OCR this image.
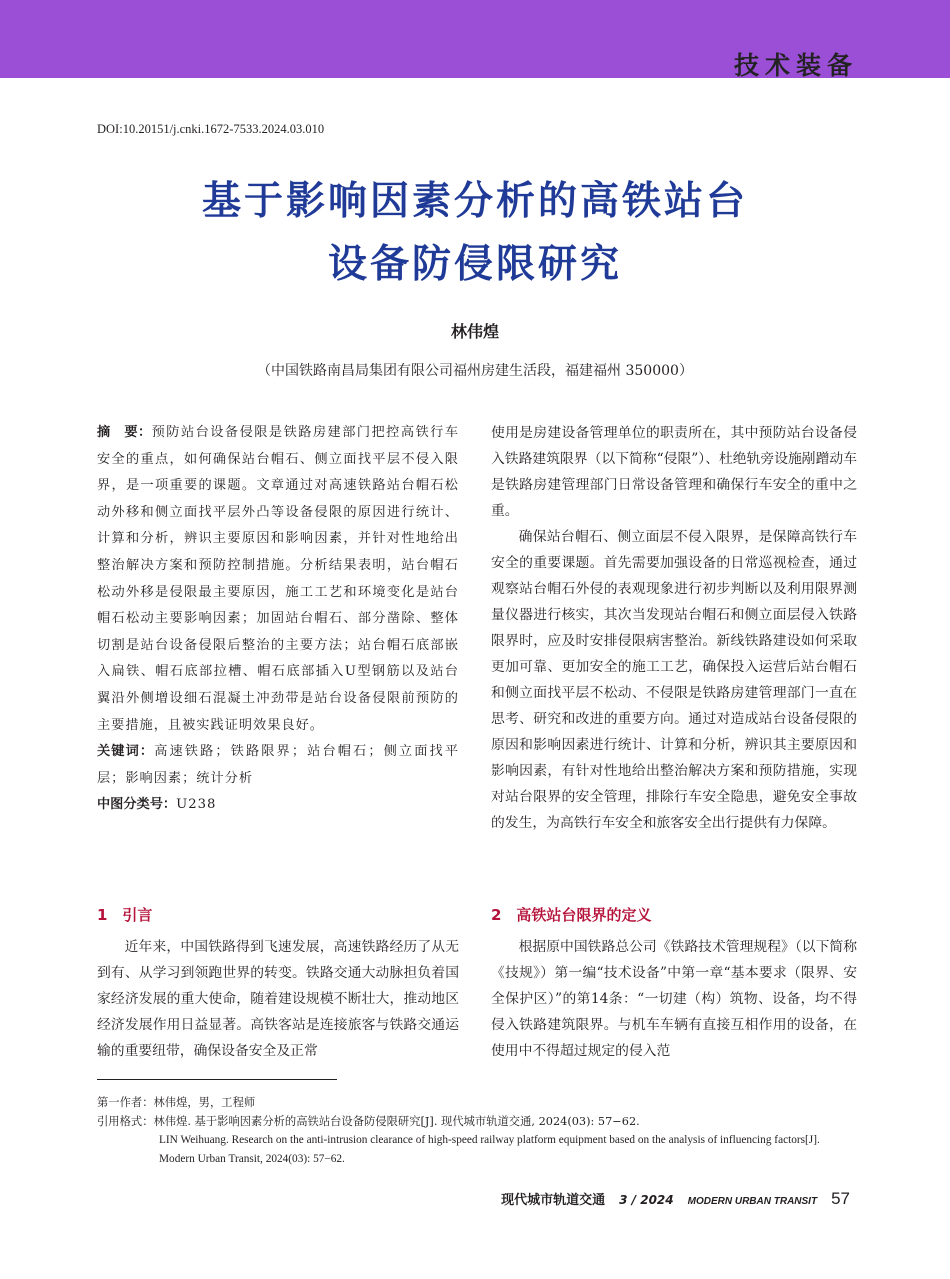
技术装备
DOI:10.20151/j.cnki.1672-7533.2024.03.010
基于影响因素分析的高铁站台
设备防侵限研究
林伟煌
（中国铁路南昌局集团有限公司福州房建生活段，福建福州 350000）

摘　要：预防站台设备侵限是铁路房建部门把控高铁行车安全的重点，如何确保站台帽石、侧立面找平层不侵入限界，是一项重要的课题。文章通过对高速铁路站台帽石松动外移和侧立面找平层外凸等设备侵限的原因进行统计、计算和分析，辨识主要原因和影响因素，并针对性地给出整治解决方案和预防控制措施。分析结果表明，站台帽石松动外移是侵限最主要原因，施工工艺和环境变化是站台帽石松动主要影响因素；加固站台帽石、部分凿除、整体切割是站台设备侵限后整治的主要方法；站台帽石底部嵌入扁铁、帽石底部拉槽、帽石底部插入U型钢筋以及站台翼沿外侧增设细石混凝土冲劲带是站台设备侵限前预防的主要措施，且被实践证明效果良好。

关键词：高速铁路；铁路限界；站台帽石；侧立面找平层；影响因素；统计分析

中图分类号：U238

使用是房建设备管理单位的职责所在，其中预防站台设备侵入铁路建筑限界（以下简称“侵限”）、杜绝轨旁设施剐蹭动车是铁路房建管理部门日常设备管理和确保行车安全的重中之重。

确保站台帽石、侧立面层不侵入限界，是保障高铁行车安全的重要课题。首先需要加强设备的日常巡视检查，通过观察站台帽石外侵的表观现象进行初步判断以及利用限界测量仪器进行核实，其次当发现站台帽石和侧立面层侵入铁路限界时，应及时安排侵限病害整治。新线铁路建设如何采取更加可靠、更加安全的施工工艺，确保投入运营后站台帽石和侧立面找平层不松动、不侵限是铁路房建管理部门一直在思考、研究和改进的重要方向。通过对造成站台设备侵限的原因和影响因素进行统计、计算和分析，辨识其主要原因和影响因素，有针对性地给出整治解决方案和预防措施，实现对站台限界的安全管理，排除行车安全隐患，避免安全事故的发生，为高铁行车安全和旅客安全出行提供有力保障。

1　引言

近年来，中国铁路得到飞速发展，高速铁路经历了从无到有、从学习到领跑世界的转变。铁路交通大动脉担负着国家经济发展的重大使命，随着建设规模不断壮大，推动地区经济发展作用日益显著。高铁客站是连接旅客与铁路交通运输的重要纽带，确保设备安全及正常

2　高铁站台限界的定义

根据原中国铁路总公司《铁路技术管理规程》（以下简称《技规》）第一编“技术设备”中第一章“基本要求（限界、安全保护区）”的第14条：“一切建（构）筑物、设备，均不得侵入铁路建筑限界。与机车车辆有直接互相作用的设备，在使用中不得超过规定的侵入范

第一作者：林伟煌，男，工程师
引用格式：林伟煌. 基于影响因素分析的高铁站台设备防侵限研究[J]. 现代城市轨道交通, 2024(03): 57−62.
LIN Weihuang. Research on the anti-intrusion clearance of high-speed railway platform equipment based on the analysis of influencing factors[J]. Modern Urban Transit, 2024(03): 57−62.
现代城市轨道交通 3 / 2024 MODERN URBAN TRANSIT 57
